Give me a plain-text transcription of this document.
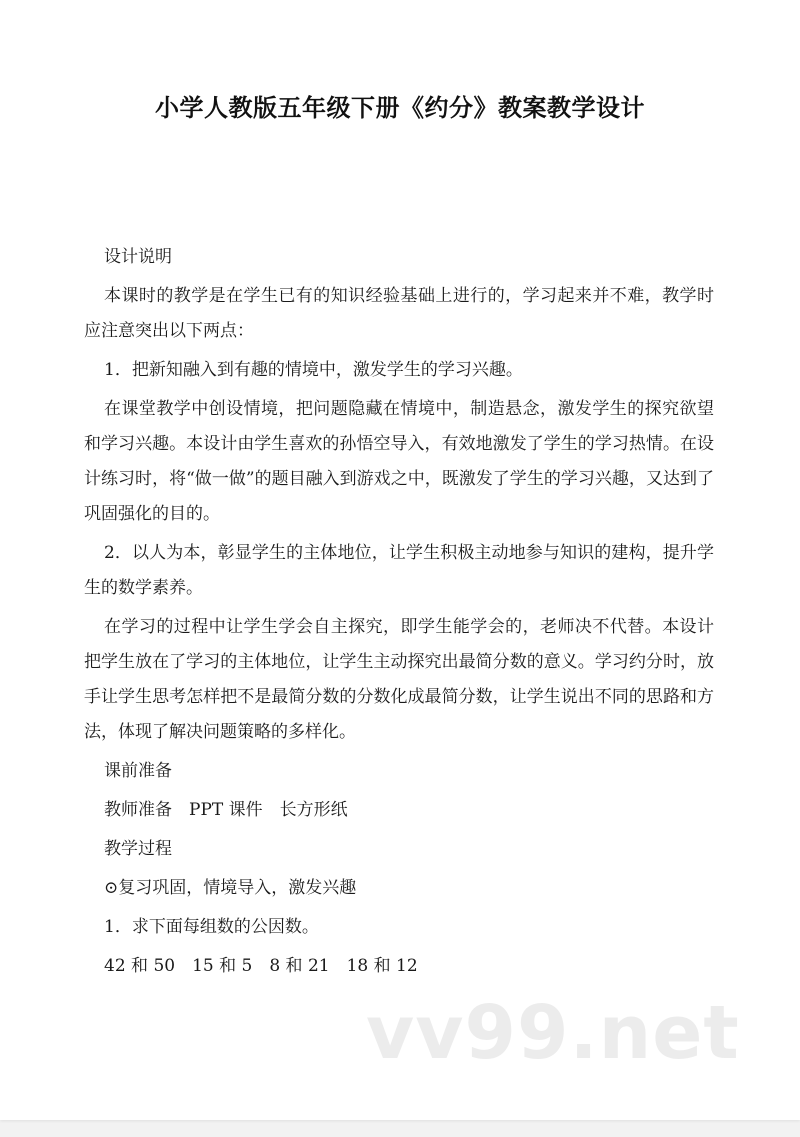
小学人教版五年级下册《约分》教案教学设计

设计说明

本课时的教学是在学生已有的知识经验基础上进行的，学习起来并不难，教学时应注意突出以下两点：

1．把新知融入到有趣的情境中，激发学生的学习兴趣。

在课堂教学中创设情境，把问题隐藏在情境中，制造悬念，激发学生的探究欲望和学习兴趣。本设计由学生喜欢的孙悟空导入，有效地激发了学生的学习热情。在设计练习时，将“做一做”的题目融入到游戏之中，既激发了学生的学习兴趣，又达到了巩固强化的目的。

2．以人为本，彰显学生的主体地位，让学生积极主动地参与知识的建构，提升学生的数学素养。

在学习的过程中让学生学会自主探究，即学生能学会的，老师决不代替。本设计把学生放在了学习的主体地位，让学生主动探究出最简分数的意义。学习约分时，放手让学生思考怎样把不是最简分数的分数化成最简分数，让学生说出不同的思路和方法，体现了解决问题策略的多样化。

课前准备

教师准备　PPT 课件　长方形纸

教学过程

⊙复习巩固，情境导入，激发兴趣

1．求下面每组数的公因数。

42 和 50　15 和 5　8 和 21　18 和 12

vv99.net
